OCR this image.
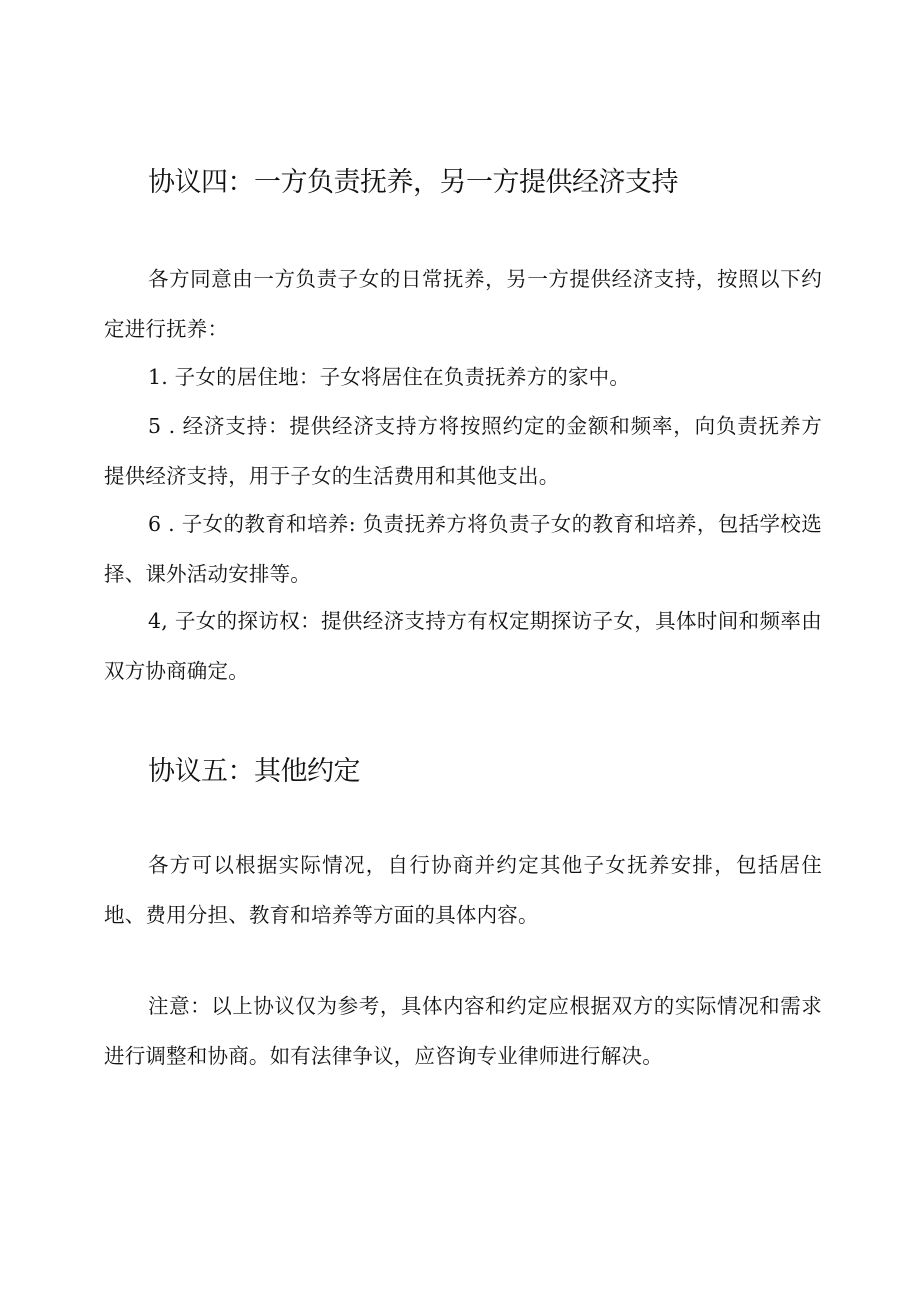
协议四：一方负责抚养，另一方提供经济支持

各方同意由一方负责子女的日常抚养，另一方提供经济支持，按照以下约定进行抚养：

1. 子女的居住地：子女将居住在负责抚养方的家中。

5 . 经济支持：提供经济支持方将按照约定的金额和频率，向负责抚养方提供经济支持，用于子女的生活费用和其他支出。

6 . 子女的教育和培养: 负责抚养方将负责子女的教育和培养，包括学校选择、课外活动安排等。

4, 子女的探访权：提供经济支持方有权定期探访子女，具体时间和频率由双方协商确定。

协议五：其他约定

各方可以根据实际情况，自行协商并约定其他子女抚养安排，包括居住地、费用分担、教育和培养等方面的具体内容。

注意：以上协议仅为参考，具体内容和约定应根据双方的实际情况和需求进行调整和协商。如有法律争议，应咨询专业律师进行解决。
